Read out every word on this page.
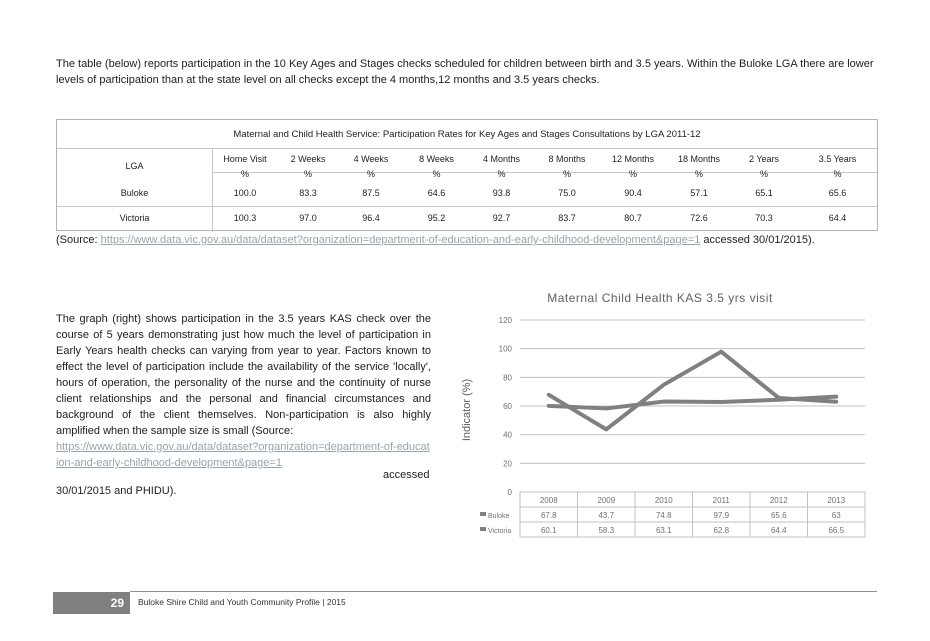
The table (below) reports participation in the 10 Key Ages and Stages checks scheduled for children between birth and 3.5 years. Within the Buloke LGA there are lower levels of participation than at the state level on all checks except the 4 months,12 months and 3.5 years checks.

Maternal and Child Health Service: Participation Rates for Key Ages and Stages Consultations by LGA 2011-12
LGA
Home Visit	2 Weeks	4 Weeks	8 Weeks	4 Months	8 Months	12 Months	18 Months	2 Years	3.5 Years
%	%	%	%	%	%	%	%	%	%
Buloke	100.0	83.3	87.5	64.6	93.8	75.0	90.4	57.1	65.1	65.6
Victoria	100.3	97.0	96.4	95.2	92.7	83.7	80.7	72.6	70.3	64.4

(Source: https://www.data.vic.gov.au/data/dataset?organization=department-of-education-and-early-childhood-development&page=1 accessed 30/01/2015).

The graph (right) shows participation in the 3.5 years KAS check over the course of 5 years demonstrating just how much the level of participation in Early Years health checks can varying from year to year. Factors known to effect the level of participation include the availability of the service 'locally', hours of operation, the personality of the nurse and the continuity of nurse client relationships and the personal and financial circumstances and background of the client themselves. Non-participation is also highly amplified when the sample size is small (Source:
https://www.data.vic.gov.au/data/dataset?organization=department-of-education-and-early-childhood-development&page=1

accessed
30/01/2015 and PHIDU).
Maternal Child Health KAS 3.5 yrs visit
Indicator (%)
0
20
40
60
80
100
120
2008	2009	2010	2011	2012	2013
Buloke	67.8	43.7	74.8	97.9	65.6	63
Victoria	60.1	58.3	63.1	62.8	64.4	66.5
29	Buloke Shire Child and Youth Community Profile | 2015
